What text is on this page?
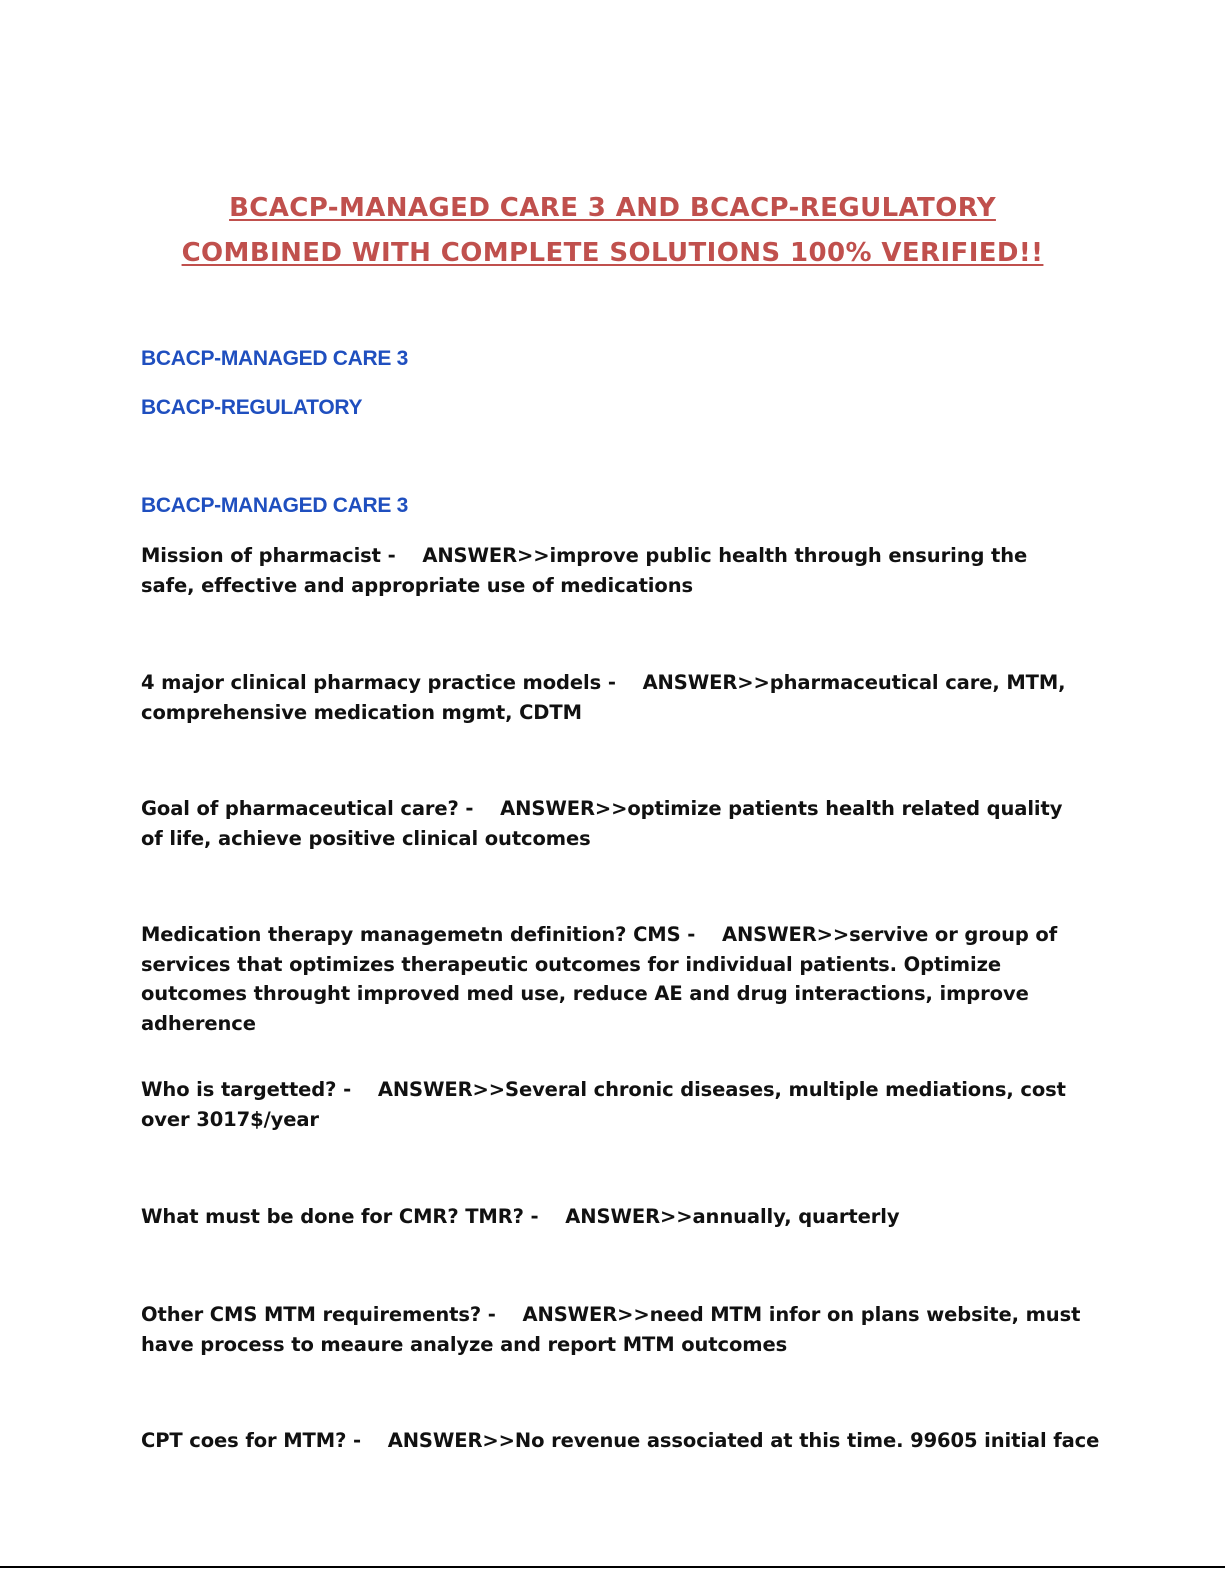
BCACP-MANAGED CARE 3 AND BCACP-REGULATORY
COMBINED WITH COMPLETE SOLUTIONS 100% VERIFIED!!
BCACP-MANAGED CARE 3
BCACP-REGULATORY
BCACP-MANAGED CARE 3
Mission of pharmacist -    ANSWER>>improve public health through ensuring the safe, effective and appropriate use of medications
4 major clinical pharmacy practice models -    ANSWER>>pharmaceutical care, MTM, comprehensive medication mgmt, CDTM
Goal of pharmaceutical care? -    ANSWER>>optimize patients health related quality of life, achieve positive clinical outcomes
Medication therapy managemetn definition? CMS -    ANSWER>>servive or group of services that optimizes therapeutic outcomes for individual patients. Optimize outcomes throught improved med use, reduce AE and drug interactions, improve adherence
Who is targetted? -    ANSWER>>Several chronic diseases, multiple mediations, cost over 3017$/year
What must be done for CMR? TMR? -    ANSWER>>annually, quarterly
Other CMS MTM requirements? -    ANSWER>>need MTM infor on plans website, must have process to meaure analyze and report MTM outcomes
CPT coes for MTM? -    ANSWER>>No revenue associated at this time. 99605 initial face
